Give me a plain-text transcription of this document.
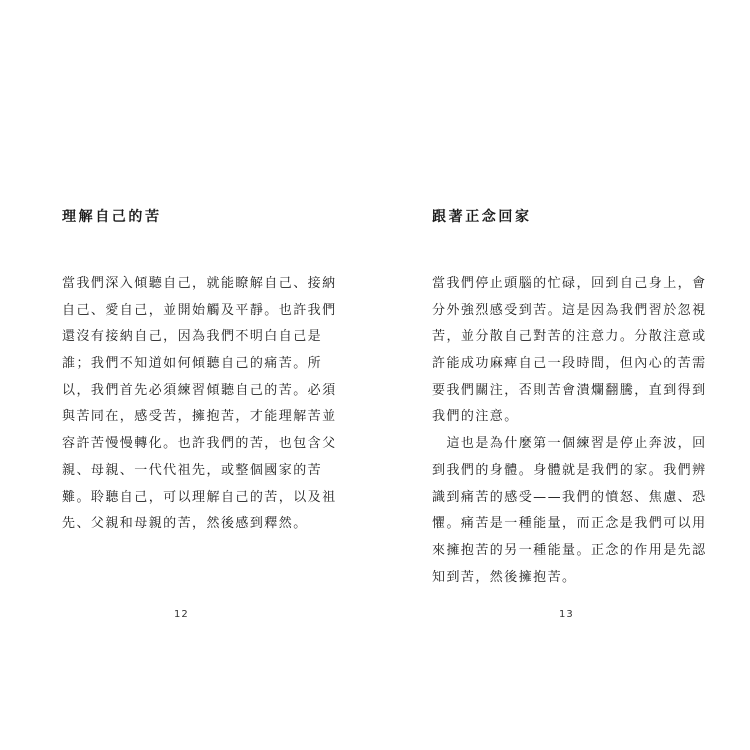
理解自己的苦
當我們深入傾聽自己，就能瞭解自己、接納
自己、愛自己，並開始觸及平靜。也許我們
還沒有接納自己，因為我們不明白自己是
誰；我們不知道如何傾聽自己的痛苦。所
以，我們首先必須練習傾聽自己的苦。必須
與苦同在，感受苦，擁抱苦，才能理解苦並
容許苦慢慢轉化。也許我們的苦，也包含父
親、母親、一代代祖先，或整個國家的苦
難。聆聽自己，可以理解自己的苦，以及祖
先、父親和母親的苦，然後感到釋然。
12
跟著正念回家
當我們停止頭腦的忙碌，回到自己身上，會
分外強烈感受到苦。這是因為我們習於忽視
苦，並分散自己對苦的注意力。分散注意或
許能成功麻痺自己一段時間，但內心的苦需
要我們關注，否則苦會潰爛翻騰，直到得到
我們的注意。
　這也是為什麼第一個練習是停止奔波，回
到我們的身體。身體就是我們的家。我們辨
識到痛苦的感受——我們的憤怒、焦慮、恐
懼。痛苦是一種能量，而正念是我們可以用
來擁抱苦的另一種能量。正念的作用是先認
知到苦，然後擁抱苦。
13
